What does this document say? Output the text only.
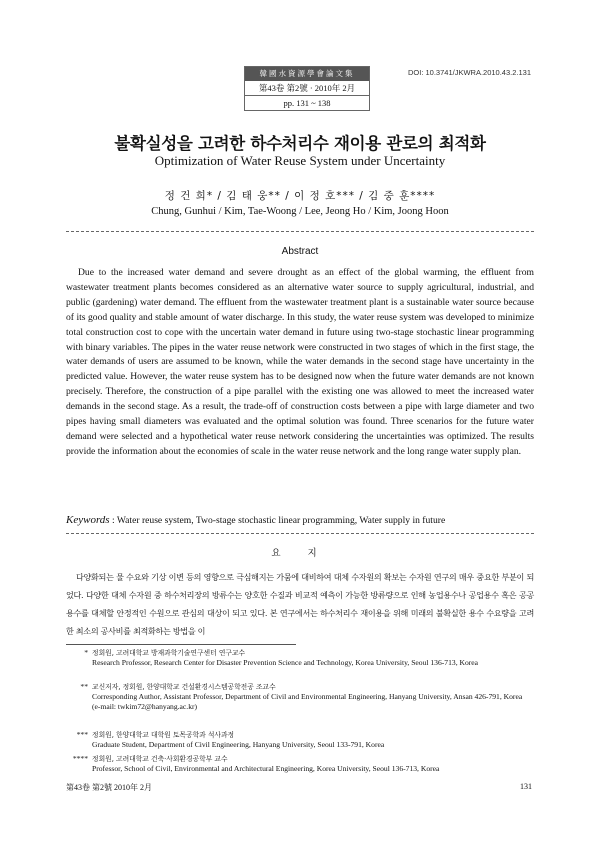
韓國水資源學會論文集
第43卷 第2號 · 2010年 2月
pp. 131 ~ 138
DOI: 10.3741/JKWRA.2010.43.2.131
불확실성을 고려한 하수처리수 재이용 관로의 최적화
Optimization of Water Reuse System under Uncertainty
정 건 희* / 김 태 웅** / 이 정 호*** / 김 중 훈****
Chung, Gunhui / Kim, Tae-Woong / Lee, Jeong Ho / Kim, Joong Hoon
Abstract
Due to the increased water demand and severe drought as an effect of the global warming, the effluent from wastewater treatment plants becomes considered as an alternative water source to supply agricultural, industrial, and public (gardening) water demand. The effluent from the wastewater treatment plant is a sustainable water source because of its good quality and stable amount of water discharge. In this study, the water reuse system was developed to minimize total construction cost to cope with the uncertain water demand in future using two-stage stochastic linear programming with binary variables. The pipes in the water reuse network were constructed in two stages of which in the first stage, the water demands of users are assumed to be known, while the water demands in the second stage have uncertainty in the predicted value. However, the water reuse system has to be designed now when the future water demands are not known precisely. Therefore, the construction of a pipe parallel with the existing one was allowed to meet the increased water demands in the second stage. As a result, the trade-off of construction costs between a pipe with large diameter and two pipes having small diameters was evaluated and the optimal solution was found. Three scenarios for the future water demand were selected and a hypothetical water reuse network considering the uncertainties was optimized. The results provide the information about the economies of scale in the water reuse network and the long range water supply plan.
Keywords : Water reuse system, Two-stage stochastic linear programming, Water supply in future
요 지
다양화되는 물 수요와 기상 이변 등의 영향으로 극심해지는 가뭄에 대비하여 대체 수자원의 확보는 수자원 연구의 매우 중요한 부분이 되었다. 다양한 대체 수자원 중 하수처리장의 방류수는 양호한 수질과 비교적 예측이 가능한 방류량으로 인해 농업용수나 공업용수 혹은 공공용수를 대체할 안정적인 수원으로 관심의 대상이 되고 있다. 본 연구에서는 하수처리수 재이용을 위해 미래의 불확실한 용수 수요량을 고려한 최소의 공사비를 최적화하는 방법을 이
* 정회원, 고려대학교 방재과학기술연구센터 연구교수
Research Professor, Research Center for Disaster Prevention Science and Technology, Korea University, Seoul 136-713, Korea
** 교신저자, 정회원, 한양대학교 건설환경시스템공학전공 조교수
Corresponding Author, Assistant Professor, Department of Civil and Environmental Engineering, Hanyang University, Ansan 426-791, Korea
(e-mail: twkim72@hanyang.ac.kr)
*** 정회원, 한양대학교 대학원 토목공학과 석사과정
Graduate Student, Department of Civil Engineering, Hanyang University, Seoul 133-791, Korea
**** 정회원, 고려대학교 건축·사회환경공학부 교수
Professor, School of Civil, Environmental and Architectural Engineering, Korea University, Seoul 136-713, Korea
第43卷 第2號 2010年 2月	131
